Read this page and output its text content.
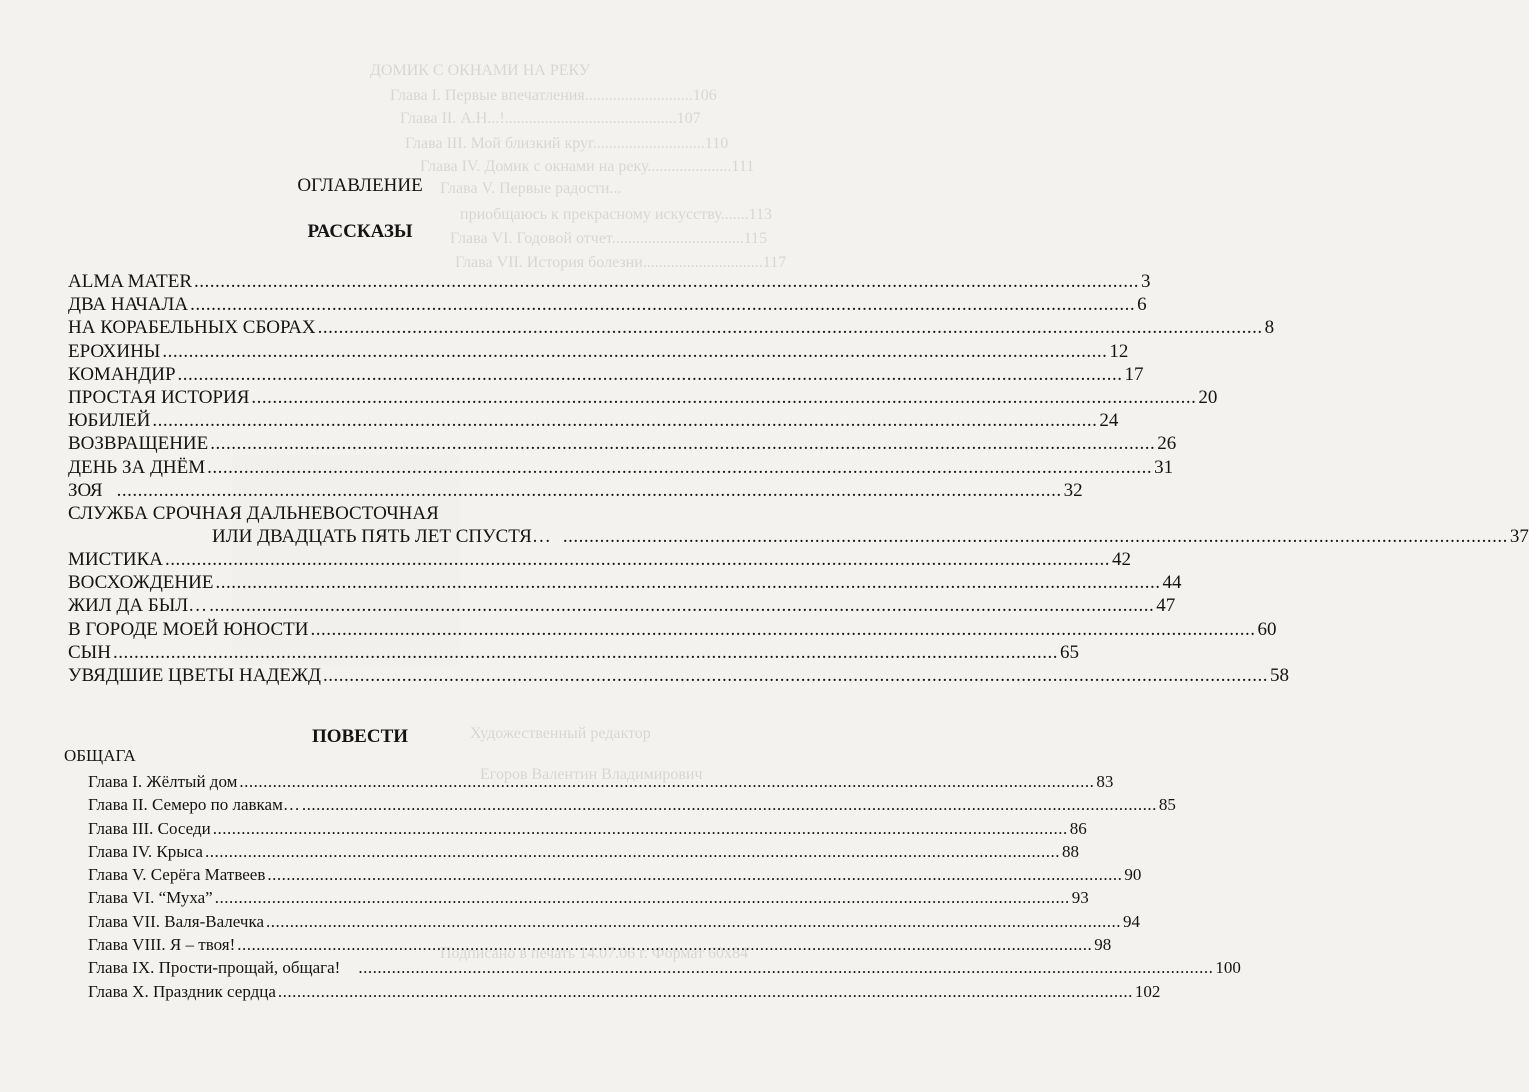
ДОМИК С ОКНАМИ НА РЕКУ
Глава I. Первые впечатления...........................106
Глава II. А.Н...!...........................................107
Глава III. Мой близкий круг............................110
Глава IV. Домик с окнами на реку.....................111
Глава V. Первые радости...
приобщаюсь к прекрасному искусству.......113
Глава VI. Годовой отчет.................................115
Глава VII. История болезни..............................117
Художественный редактор
Егоров Валентин Владимирович
Подписано в печать 14.07.06 г. Формат 60x84
ОГЛАВЛЕНИЕ
РАССКАЗЫ
ALMA MATER .....	3
ДВА НАЧАЛА .....	6
НА КОРАБЕЛЬНЫХ СБОРАХ .....	8
ЕРОХИНЫ .....	12
КОМАНДИР .....	17
ПРОСТАЯ ИСТОРИЯ .....	20
ЮБИЛЕЙ .....	24
ВОЗВРАЩЕНИЕ .....	26
ДЕНЬ ЗА ДНЁМ .....	31
ЗОЯ .....	32
СЛУЖБА СРОЧНАЯ ДАЛЬНЕВОСТОЧНАЯ
ИЛИ ДВАДЦАТЬ ПЯТЬ ЛЕТ СПУСТЯ… .....	37
МИСТИКА .....	42
ВОСХОЖДЕНИЕ .....	44
ЖИЛ ДА БЫЛ… .....	47
В ГОРОДЕ МОЕЙ ЮНОСТИ .....	60
СЫН .....	65
УВЯДШИЕ ЦВЕТЫ НАДЕЖД .....	58
ПОВЕСТИ
ОБЩАГА
Глава I. Жёлтый дом .....	83
Глава II. Семеро по лавкам… .....	85
Глава III. Соседи .....	86
Глава IV. Крыса .....	88
Глава V. Серёга Матвеев .....	90
Глава VI. “Муха” .....	93
Глава VII. Валя-Валечка .....	94
Глава VIII. Я – твоя! .....	98
Глава IX. Прости-прощай, общага! .....	100
Глава X. Праздник сердца .....	102
